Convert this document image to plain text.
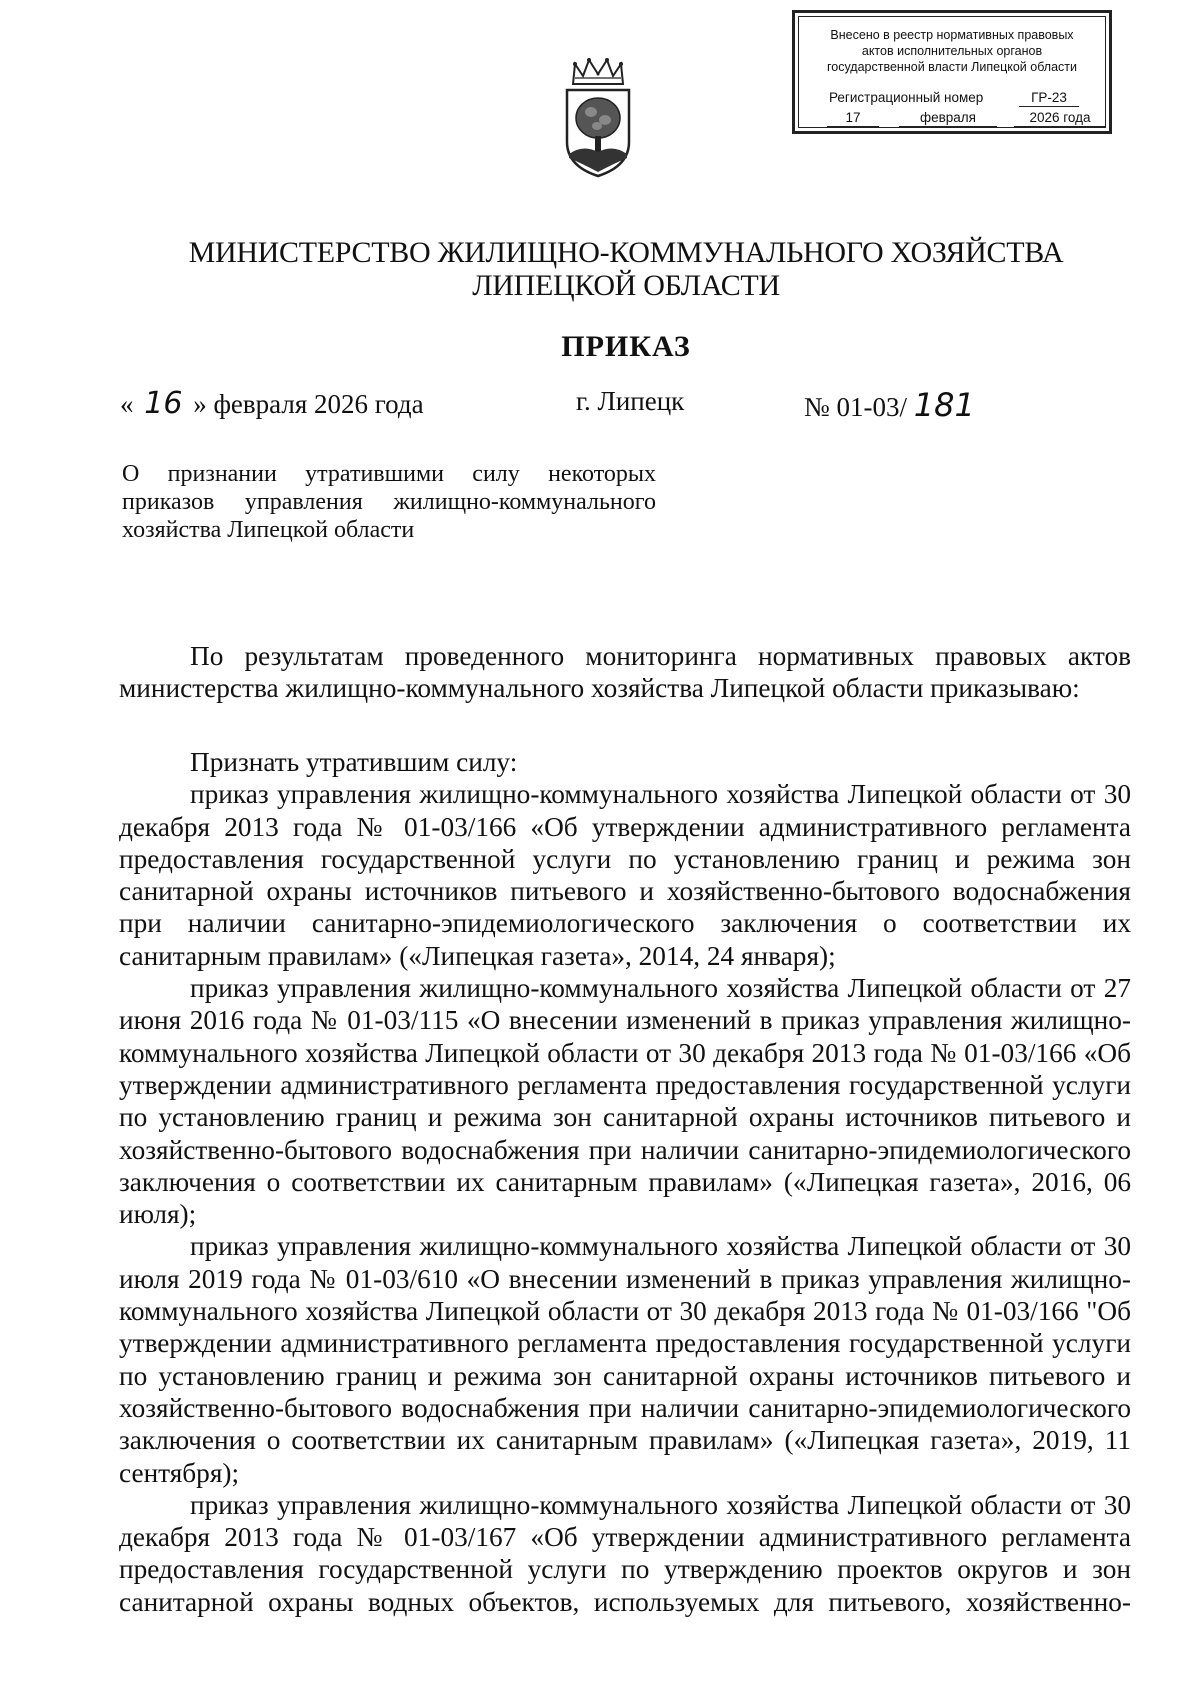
Внесено в реестр нормативных правовых
актов исполнительных органов
государственной власти Липецкой области
Регистрационный номер	ГР-23
17	февраля	2026 года
МИНИСТЕРСТВО ЖИЛИЩНО-КОММУНАЛЬНОГО ХОЗЯЙСТВА
ЛИПЕЦКОЙ ОБЛАСТИ
ПРИКАЗ
« 16 » февраля 2026 года	г. Липецк	№ 01-03/ 181
О признании утратившими силу некоторых приказов управления жилищно-коммунального хозяйства Липецкой области

По результатам проведенного мониторинга нормативных правовых актов министерства жилищно-коммунального хозяйства Липецкой области приказываю:

Признать утратившим силу:

приказ управления жилищно-коммунального хозяйства Липецкой области от 30 декабря 2013 года № 01-03/166 «Об утверждении административного регламента предоставления государственной услуги по установлению границ и режима зон санитарной охраны источников питьевого и хозяйственно-бытового водоснабжения при наличии санитарно-эпидемиологического заключения о соответствии их санитарным правилам» («Липецкая газета», 2014, 24 января);

приказ управления жилищно-коммунального хозяйства Липецкой области от 27 июня 2016 года № 01-03/115 «О внесении изменений в приказ управления жилищно-коммунального хозяйства Липецкой области от 30 декабря 2013 года № 01-03/166 «Об утверждении административного регламента предоставления государственной услуги по установлению границ и режима зон санитарной охраны источников питьевого и хозяйственно-бытового водоснабжения при наличии санитарно-эпидемиологического заключения о соответствии их санитарным правилам» («Липецкая газета», 2016, 06 июля);

приказ управления жилищно-коммунального хозяйства Липецкой области от 30 июля 2019 года № 01-03/610 «О внесении изменений в приказ управления жилищно-коммунального хозяйства Липецкой области от 30 декабря 2013 года № 01-03/166 "Об утверждении административного регламента предоставления государственной услуги по установлению границ и режима зон санитарной охраны источников питьевого и хозяйственно-бытового водоснабжения при наличии санитарно-эпидемиологического заключения о соответствии их санитарным правилам» («Липецкая газета», 2019, 11 сентября);

приказ управления жилищно-коммунального хозяйства Липецкой области от 30 декабря 2013 года № 01-03/167 «Об утверждении административного регламента предоставления государственной услуги по утверждению проектов округов и зон санитарной охраны водных объектов, используемых для питьевого, хозяйственно-
